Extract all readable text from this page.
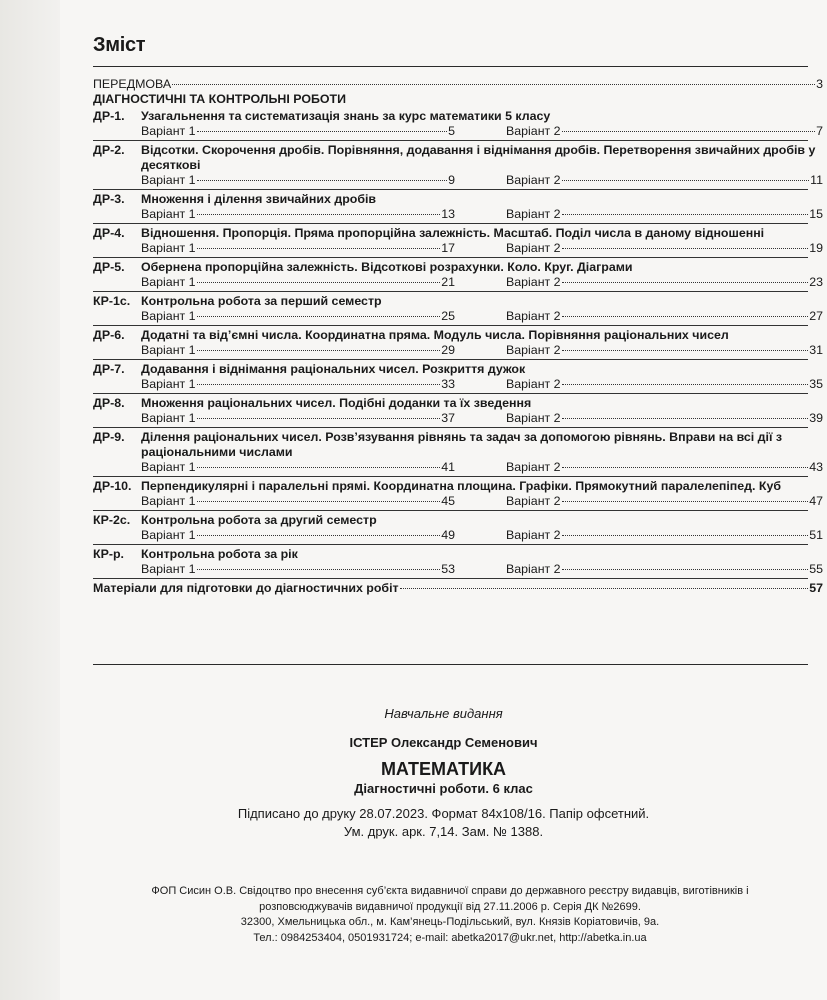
Зміст
ПЕРЕДМОВА	3
ДІАГНОСТИЧНІ ТА КОНТРОЛЬНІ РОБОТИ
ДР-1.	Узагальнення та систематизація знань за курс математики 5 класу
Варіант 1	5	Варіант 2	7
ДР-2.	Відсотки. Скорочення дробів. Порівняння, додавання і віднімання дробів. Перетворення звичайних дробів у десяткові
Варіант 1	9	Варіант 2	11
ДР-3.	Множення і ділення звичайних дробів
Варіант 1	13	Варіант 2	15
ДР-4.	Відношення. Пропорція. Пряма пропорційна залежність. Масштаб. Поділ числа в даному відношенні
Варіант 1	17	Варіант 2	19
ДР-5.	Обернена пропорційна залежність. Відсоткові розрахунки. Коло. Круг. Діаграми
Варіант 1	21	Варіант 2	23
КР-1с. Контрольна робота за перший семестр
Варіант 1	25	Варіант 2	27
ДР-6.	Додатні та від’ємні числа. Координатна пряма. Модуль числа. Порівняння раціональних чисел
Варіант 1	29	Варіант 2	31
ДР-7.	Додавання і віднімання раціональних чисел. Розкриття дужок
Варіант 1	33	Варіант 2	35
ДР-8.	Множення раціональних чисел. Подібні доданки та їх зведення
Варіант 1	37	Варіант 2	39
ДР-9.	Ділення раціональних чисел. Розв’язування рівнянь та задач за допомогою рівнянь. Вправи на всі дії з раціональними числами
Варіант 1	41	Варіант 2	43
ДР-10. Перпендикулярні і паралельні прямі. Координатна площина. Графіки. Прямокутний паралелепіпед. Куб
Варіант 1	45	Варіант 2	47
КР-2с. Контрольна робота за другий семестр
Варіант 1	49	Варіант 2	51
КР-р.	Контрольна робота за рік
Варіант 1	53	Варіант 2	55
Матеріали для підготовки до діагностичних робіт	57
Навчальне видання
ІСТЕР Олександр Семенович
МАТЕМАТИКА
Діагностичні роботи. 6 клас
Підписано до друку 28.07.2023. Формат 84x108/16. Папір офсетний.
Ум. друк. арк. 7,14. Зам. № 1388.
ФОП Сисин О.В. Свідоцтво про внесення суб’єкта видавничої справи до державного реєстру видавців, виготівників і
розповсюджувачів видавничої продукції від 27.11.2006 р. Серія ДК №2699.
32300, Хмельницька обл., м. Кам’янець-Подільський, вул. Князів Коріатовичів, 9а.
Тел.: 0984253404, 0501931724; e-mail: abetka2017@ukr.net, http://abetka.in.ua
